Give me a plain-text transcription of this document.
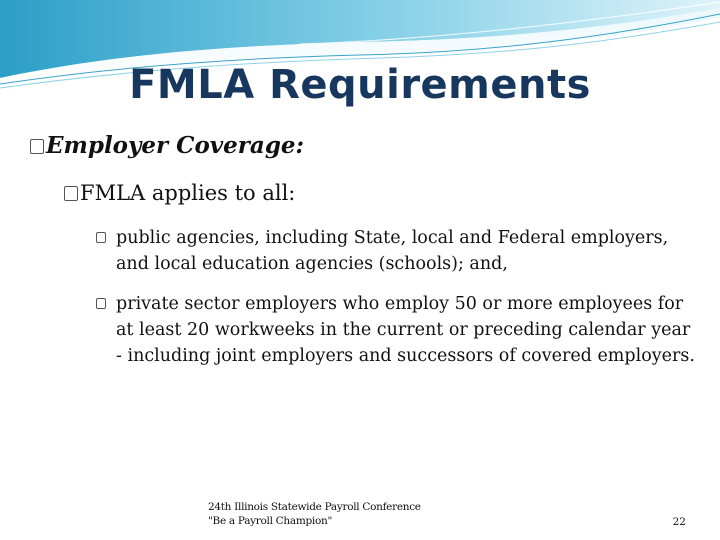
FMLA Requirements
Employer Coverage:
FMLA applies to all:
public agencies, including State, local and Federal employers, and local education agencies (schools); and,
private sector employers who employ 50 or more employees for at least 20 workweeks in the current or preceding calendar year - including joint employers and successors of covered employers.
24th Illinois Statewide Payroll Conference
"Be a Payroll Champion"	22
